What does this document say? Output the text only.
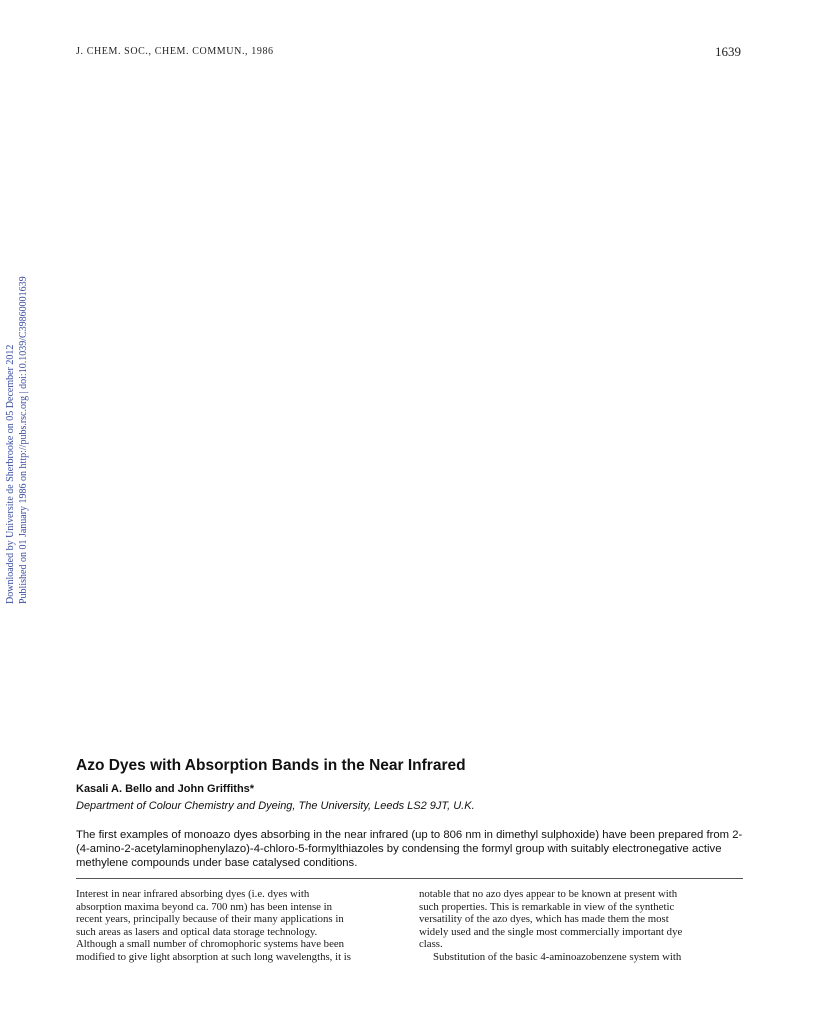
J. CHEM. SOC., CHEM. COMMUN., 1986	1639
Downloaded by Universite de Sherbrooke on 05 December 2012 Published on 01 January 1986 on http://pubs.rsc.org | doi:10.1039/C39860001639
Azo Dyes with Absorption Bands in the Near Infrared
Kasali A. Bello and John Griffiths*
Department of Colour Chemistry and Dyeing, The University, Leeds LS2 9JT, U.K.
The first examples of monoazo dyes absorbing in the near infrared (up to 806 nm in dimethyl sulphoxide) have been prepared from 2-(4-amino-2-acetylaminophenylazo)-4-chloro-5-formylthiazoles by condensing the formyl group with suitably electronegative active methylene compounds under base catalysed conditions.
Interest in near infrared absorbing dyes (i.e. dyes with
absorption maxima beyond ca. 700 nm) has been intense in
recent years, principally because of their many applications in
such areas as lasers and optical data storage technology.
Although a small number of chromophoric systems have been
modified to give light absorption at such long wavelengths, it is
notable that no azo dyes appear to be known at present with
such properties. This is remarkable in view of the synthetic
versatility of the azo dyes, which has made them the most
widely used and the single most commercially important dye
class.
Substitution of the basic 4-aminoazobenzene system with
